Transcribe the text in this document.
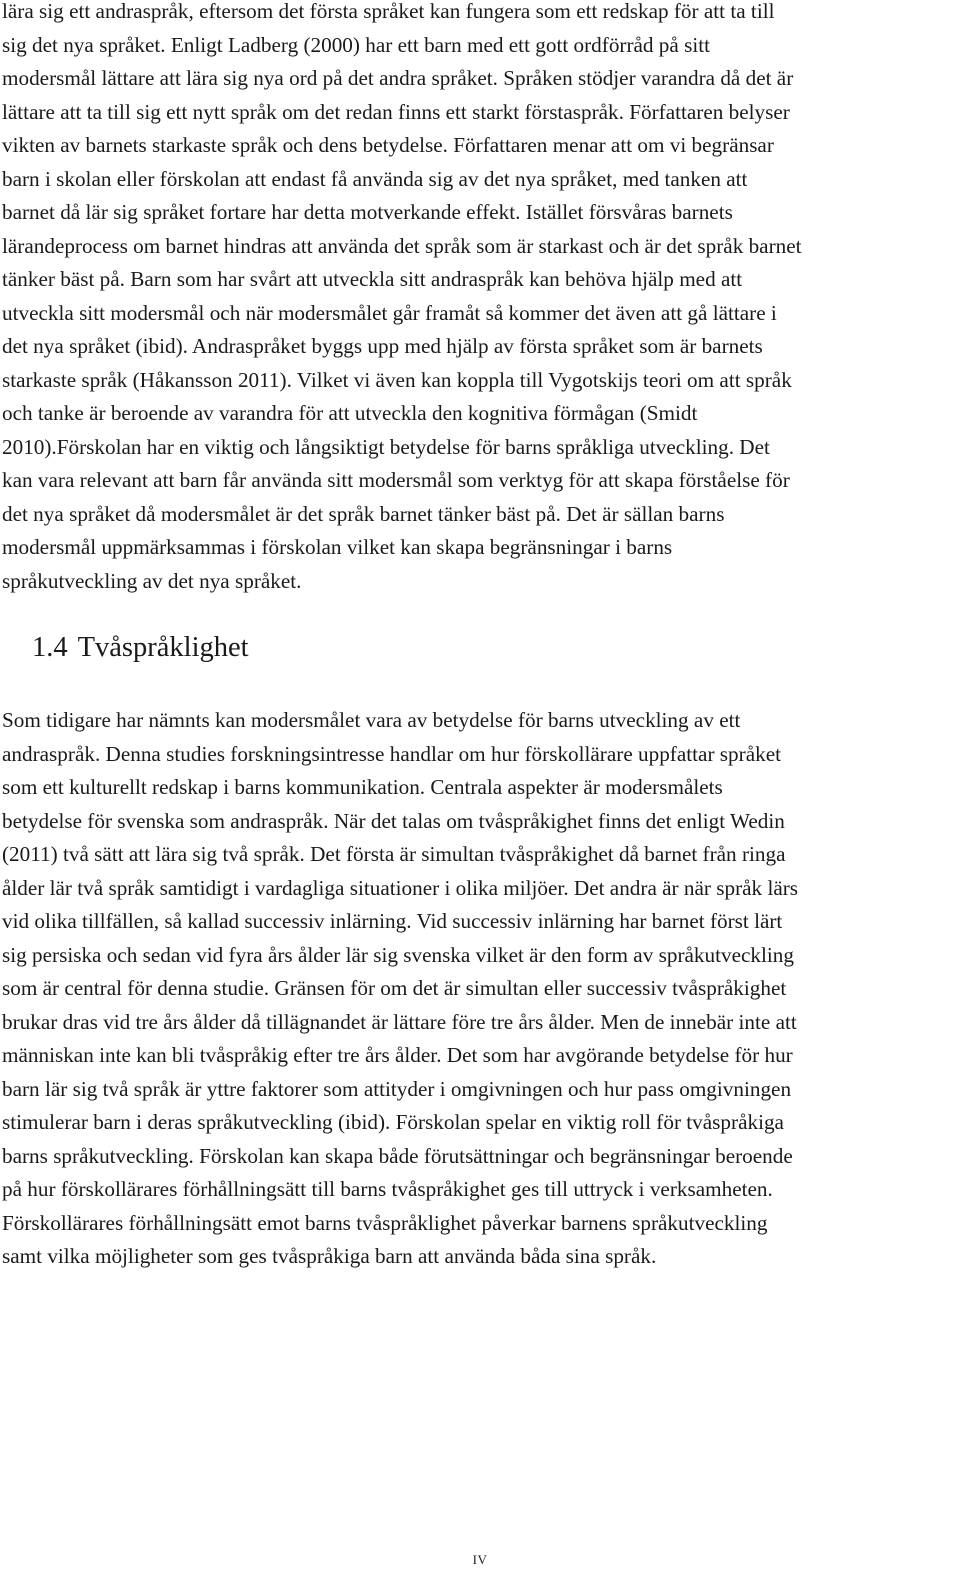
lära sig ett andraspråk, eftersom det första språket kan fungera som ett redskap för att ta till
sig det nya språket. Enligt Ladberg (2000) har ett barn med ett gott ordförråd på sitt
modersmål lättare att lära sig nya ord på det andra språket. Språken stödjer varandra då det är
lättare att ta till sig ett nytt språk om det redan finns ett starkt förstaspråk. Författaren belyser
vikten av barnets starkaste språk och dens betydelse. Författaren menar att om vi begränsar
barn i skolan eller förskolan att endast få använda sig av det nya språket, med tanken att
barnet då lär sig språket fortare har detta motverkande effekt. Istället försvåras barnets
lärandeprocess om barnet hindras att använda det språk som är starkast och är det språk barnet
tänker bäst på. Barn som har svårt att utveckla sitt andraspråk kan behöva hjälp med att
utveckla sitt modersmål och när modersmålet går framåt så kommer det även att gå lättare i
det nya språket (ibid). Andraspråket byggs upp med hjälp av första språket som är barnets
starkaste språk (Håkansson 2011). Vilket vi även kan koppla till Vygotskijs teori om att språk
och tanke är beroende av varandra för att utveckla den kognitiva förmågan (Smidt
2010).Förskolan har en viktig och långsiktigt betydelse för barns språkliga utveckling. Det
kan vara relevant att barn får använda sitt modersmål som verktyg för att skapa förståelse för
det nya språket då modersmålet är det språk barnet tänker bäst på. Det är sällan barns
modersmål uppmärksammas i förskolan vilket kan skapa begränsningar i barns
språkutveckling av det nya språket.

1.4 Tvåspråklighet

Som tidigare har nämnts kan modersmålet vara av betydelse för barns utveckling av ett
andraspråk. Denna studies forskningsintresse handlar om hur förskollärare uppfattar språket
som ett kulturellt redskap i barns kommunikation. Centrala aspekter är modersmålets
betydelse för svenska som andraspråk. När det talas om tvåspråkighet finns det enligt Wedin
(2011) två sätt att lära sig två språk. Det första är simultan tvåspråkighet då barnet från ringa
ålder lär två språk samtidigt i vardagliga situationer i olika miljöer. Det andra är när språk lärs
vid olika tillfällen, så kallad successiv inlärning. Vid successiv inlärning har barnet först lärt
sig persiska och sedan vid fyra års ålder lär sig svenska vilket är den form av språkutveckling
som är central för denna studie. Gränsen för om det är simultan eller successiv tvåspråkighet
brukar dras vid tre års ålder då tillägnandet är lättare före tre års ålder. Men de innebär inte att
människan inte kan bli tvåspråkig efter tre års ålder. Det som har avgörande betydelse för hur
barn lär sig två språk är yttre faktorer som attityder i omgivningen och hur pass omgivningen
stimulerar barn i deras språkutveckling (ibid). Förskolan spelar en viktig roll för tvåspråkiga
barns språkutveckling. Förskolan kan skapa både förutsättningar och begränsningar beroende
på hur förskollärares förhållningsätt till barns tvåspråkighet ges till uttryck i verksamheten.
Förskollärares förhållningsätt emot barns tvåspråklighet påverkar barnens språkutveckling
samt vilka möjligheter som ges tvåspråkiga barn att använda båda sina språk.

IV
